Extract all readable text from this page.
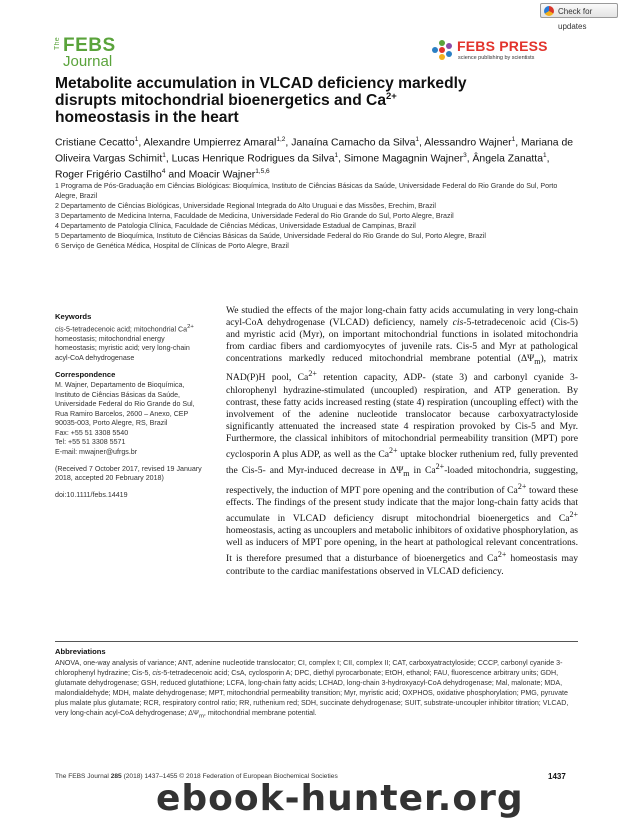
Check for updates
The FEBS
Journal
FEBS PRESS
science publishing by scientists
Metabolite accumulation in VLCAD deficiency markedly
disrupts mitochondrial bioenergetics and $Ca^{2+}$
homeostasis in the heart

Cristiane Cecatto$^1$, Alexandre Umpierrez Amaral$^{1,2}$, Janaína Camacho da Silva$^1$, Alessandro Wajner$^1$, Mariana de Oliveira Vargas Schimit$^1$, Lucas Henrique Rodrigues da Silva$^1$, Simone Magagnin Wajner$^3$, Ângela Zanatta$^1$, Roger Frigério Castilho$^4$ and Moacir Wajner$^{1,5,6}$

1 Programa de Pós-Graduação em Ciências Biológicas: Bioquímica, Instituto de Ciências Básicas da Saúde, Universidade Federal do Rio Grande do Sul, Porto Alegre, Brazil
2 Departamento de Ciências Biológicas, Universidade Regional Integrada do Alto Uruguai e das Missões, Erechim, Brazil
3 Departamento de Medicina Interna, Faculdade de Medicina, Universidade Federal do Rio Grande do Sul, Porto Alegre, Brazil
4 Departamento de Patologia Clínica, Faculdade de Ciências Médicas, Universidade Estadual de Campinas, Brazil
5 Departamento de Bioquímica, Instituto de Ciências Básicas da Saúde, Universidade Federal do Rio Grande do Sul, Porto Alegre, Brazil
6 Serviço de Genética Médica, Hospital de Clínicas de Porto Alegre, Brazil
Keywords

cis-5-tetradecenoic acid; mitochondrial $Ca^{2+}$ homeostasis; mitochondrial energy homeostasis; myristic acid; very long-chain acyl-CoA dehydrogenase

Correspondence

M. Wajner, Departamento de Bioquímica,
Instituto de Ciências Básicas da Saúde,
Universidade Federal do Rio Grande do Sul,
Rua Ramiro Barcelos, 2600 – Anexo, CEP
90035-003, Porto Alegre, RS, Brazil
Fax: +55 51 3308 5540
Tel: +55 51 3308 5571
E-mail: mwajner@ufrgs.br

(Received 7 October 2017, revised 19 January 2018, accepted 20 February 2018)

doi:10.1111/febs.14419

We studied the effects of the major long-chain fatty acids accumulating in very long-chain acyl-CoA dehydrogenase (VLCAD) deficiency, namely cis-5-tetradecenoic acid (Cis-5) and myristic acid (Myr), on important mitochondrial functions in isolated mitochondria from cardiac fibers and cardiomyocytes of juvenile rats. Cis-5 and Myr at pathological concentrations markedly reduced mitochondrial membrane potential $(\Delta\Psi_m)$, matrix NAD(P)H pool, $Ca^{2+}$ retention capacity, ADP- (state 3) and carbonyl cyanide 3-chlorophenyl hydrazine-stimulated (uncoupled) respiration, and ATP generation. By contrast, these fatty acids increased resting (state 4) respiration (uncoupling effect) with the involvement of the adenine nucleotide translocator because carboxyatractyloside significantly attenuated the increased state 4 respiration provoked by Cis-5 and Myr. Furthermore, the classical inhibitors of mitochondrial permeability transition (MPT) pore cyclosporin A plus ADP, as well as the $Ca^{2+}$ uptake blocker ruthenium red, fully prevented the Cis-5- and Myr-induced decrease in $\Delta\Psi_m$ in $Ca^{2+}$-loaded mitochondria, suggesting, respectively, the induction of MPT pore opening and the contribution of $Ca^{2+}$ toward these effects. The findings of the present study indicate that the major long-chain fatty acids that accumulate in VLCAD deficiency disrupt mitochondrial bioenergetics and $Ca^{2+}$ homeostasis, acting as uncouplers and metabolic inhibitors of oxidative phosphorylation, as well as inducers of MPT pore opening, in the heart at pathological relevant concentrations. It is therefore presumed that a disturbance of bioenergetics and $Ca^{2+}$ homeostasis may contribute to the cardiac manifestations observed in VLCAD deficiency.

Abbreviations

ANOVA, one-way analysis of variance; ANT, adenine nucleotide translocator; CI, complex I; CII, complex II; CAT, carboxyatractyloside; CCCP, carbonyl cyanide 3-chlorophenyl hydrazine; Cis-5, cis-5-tetradecenoic acid; CsA, cyclosporin A; DPC, diethyl pyrocarbonate; EtOH, ethanol; FAU, fluorescence arbitrary units; GDH, glutamate dehydrogenase; GSH, reduced glutathione; LCFA, long-chain fatty acids; LCHAD, long-chain 3-hydroxyacyl-CoA dehydrogenase; Mal, malonate; MDA, malondialdehyde; MDH, malate dehydrogenase; MPT, mitochondrial permeability transition; Myr, myristic acid; OXPHOS, oxidative phosphorylation; PMG, pyruvate plus malate plus glutamate; RCR, respiratory control ratio; RR, ruthenium red; SDH, succinate dehydrogenase; SUIT, substrate-uncoupler inhibitor titration; VLCAD, very long-chain acyl-CoA dehydrogenase; $\Delta\Psi_m$, mitochondrial membrane potential.

The FEBS Journal 285 (2018) 1437–1455 © 2018 Federation of European Biochemical Societies	1437
ebook-hunter.org
